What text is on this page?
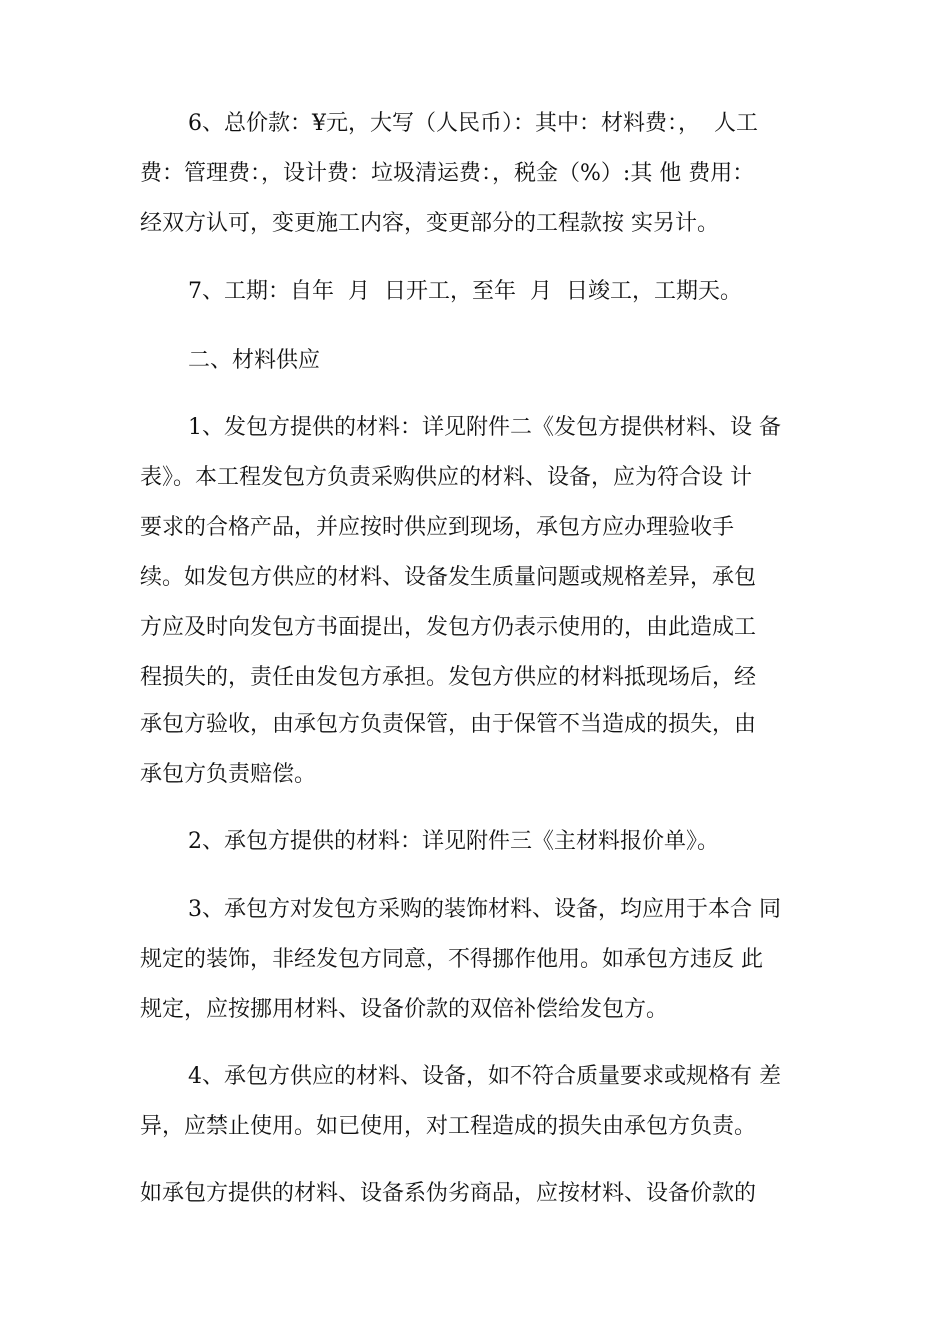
6、总价款：¥元，大写（人民币）：其中：材料费：，  人工
费：管理费：，设计费：垃圾清运费：，税金（%）:其 他 费用：
经双方认可，变更施工内容，变更部分的工程款按 实另计。
7、工期：自年  月  日开工，至年  月  日竣工，工期天。
二、材料供应
1、发包方提供的材料：详见附件二《发包方提供材料、设 备
表》。本工程发包方负责采购供应的材料、设备，应为符合设 计
要求的合格产品，并应按时供应到现场，承包方应办理验收手
续。如发包方供应的材料、设备发生质量问题或规格差异，承包
方应及时向发包方书面提出，发包方仍表示使用的，由此造成工
程损失的，责任由发包方承担。发包方供应的材料抵现场后，经
承包方验收，由承包方负责保管，由于保管不当造成的损失，由
承包方负责赔偿。
2、承包方提供的材料：详见附件三《主材料报价单》。
3、承包方对发包方采购的装饰材料、设备，均应用于本合 同
规定的装饰，非经发包方同意，不得挪作他用。如承包方违反 此
规定，应按挪用材料、设备价款的双倍补偿给发包方。
4、承包方供应的材料、设备，如不符合质量要求或规格有 差
异，应禁止使用。如已使用，对工程造成的损失由承包方负责。
如承包方提供的材料、设备系伪劣商品，应按材料、设备价款的
